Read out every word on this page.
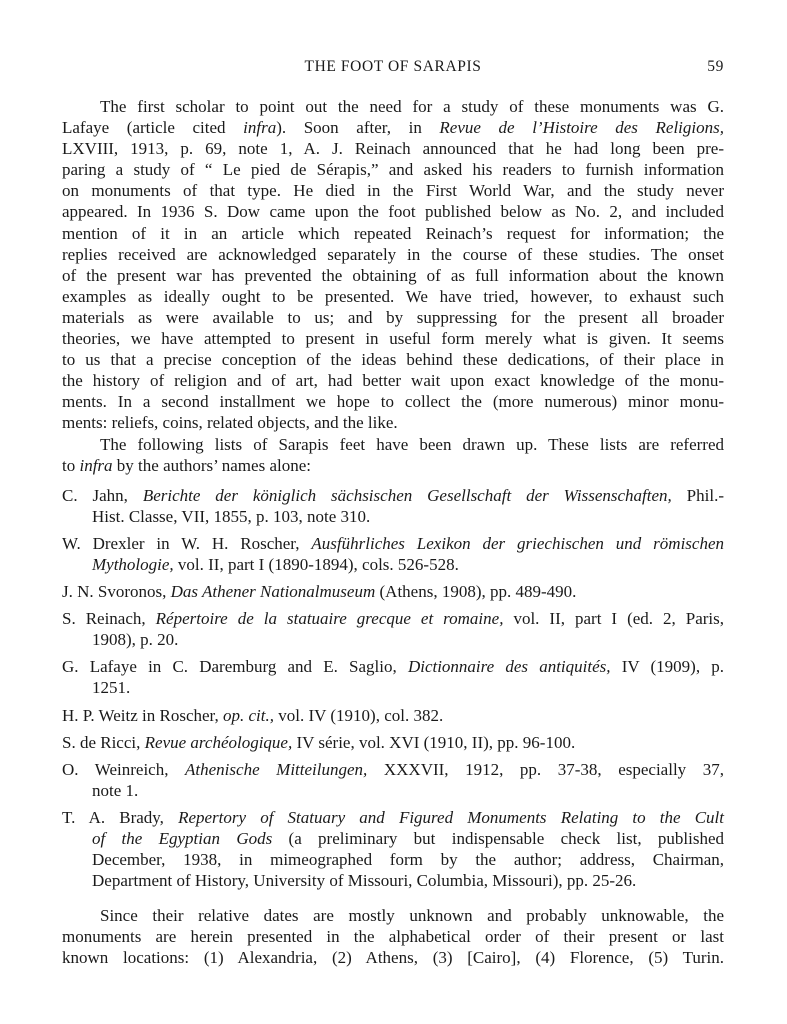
THE FOOT OF SARAPIS	59

The first scholar to point out the need for a study of these monuments was G.
Lafaye (article cited infra). Soon after, in Revue de l’Histoire des Religions,
LXVIII, 1913, p. 69, note 1, A. J. Reinach announced that he had long been pre-
paring a study of “ Le pied de Sérapis,” and asked his readers to furnish information
on monuments of that type. He died in the First World War, and the study never
appeared. In 1936 S. Dow came upon the foot published below as No. 2, and included
mention of it in an article which repeated Reinach’s request for information; the
replies received are acknowledged separately in the course of these studies. The onset
of the present war has prevented the obtaining of as full information about the known
examples as ideally ought to be presented. We have tried, however, to exhaust such
materials as were available to us; and by suppressing for the present all broader
theories, we have attempted to present in useful form merely what is given. It seems
to us that a precise conception of the ideas behind these dedications, of their place in
the history of religion and of art, had better wait upon exact knowledge of the monu-
ments. In a second installment we hope to collect the (more numerous) minor monu-
ments: reliefs, coins, related objects, and the like.

The following lists of Sarapis feet have been drawn up. These lists are referred
to infra by the authors’ names alone:

C. Jahn, Berichte der königlich sächsischen Gesellschaft der Wissenschaften, Phil.-
Hist. Classe, VII, 1855, p. 103, note 310.

W. Drexler in W. H. Roscher, Ausführliches Lexikon der griechischen und römischen
Mythologie, vol. II, part I (1890-1894), cols. 526-528.

J. N. Svoronos, Das Athener Nationalmuseum (Athens, 1908), pp. 489-490.

S. Reinach, Répertoire de la statuaire grecque et romaine, vol. II, part I (ed. 2, Paris,
1908), p. 20.

G. Lafaye in C. Daremburg and E. Saglio, Dictionnaire des antiquités, IV (1909), p.
1251.

H. P. Weitz in Roscher, op. cit., vol. IV (1910), col. 382.

S. de Ricci, Revue archéologique, IV série, vol. XVI (1910, II), pp. 96-100.

O. Weinreich, Athenische Mitteilungen, XXXVII, 1912, pp. 37-38, especially 37,
note 1.

T. A. Brady, Repertory of Statuary and Figured Monuments Relating to the Cult
of the Egyptian Gods (a preliminary but indispensable check list, published
December, 1938, in mimeographed form by the author; address, Chairman,
Department of History, University of Missouri, Columbia, Missouri), pp. 25-26.

Since their relative dates are mostly unknown and probably unknowable, the
monuments are herein presented in the alphabetical order of their present or last
known locations: (1) Alexandria, (2) Athens, (3) [Cairo], (4) Florence, (5) Turin.
